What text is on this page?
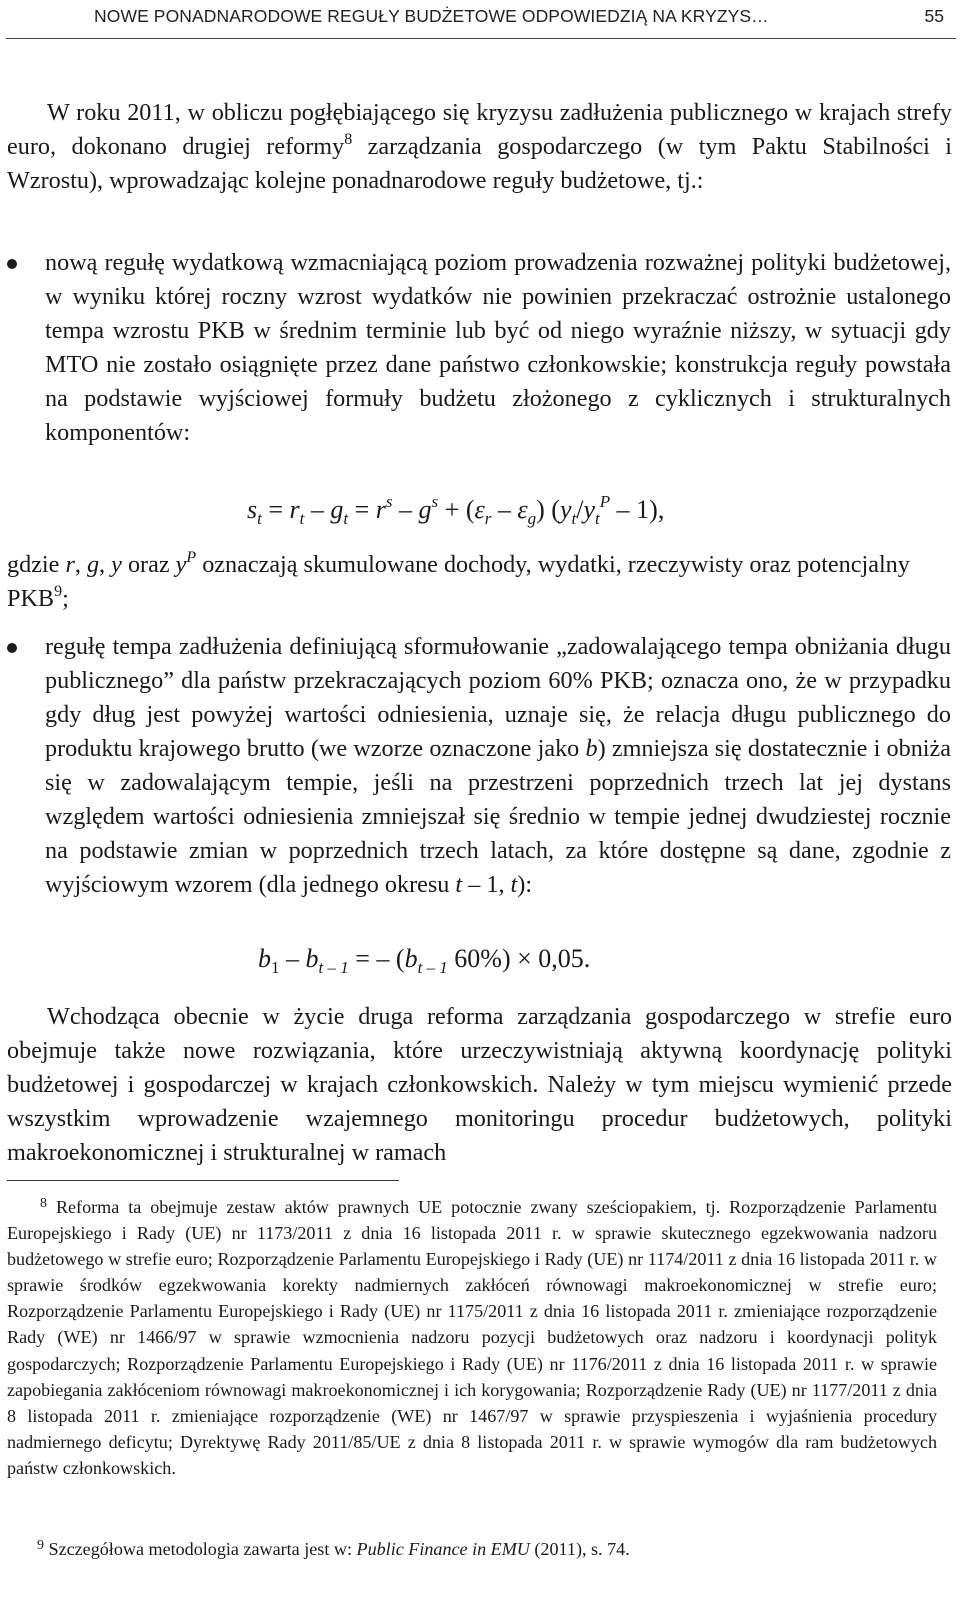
NOWE PONADNARODOWE REGUŁY BUDŻETOWE ODPOWIEDZIĄ NA KRYZYS…	55
W roku 2011, w obliczu pogłębiającego się kryzysu zadłużenia publicznego w krajach strefy euro, dokonano drugiej reformy$^8$ zarządzania gospodarczego (w tym Paktu Stabilności i Wzrostu), wprowadzając kolejne ponadnarodowe reguły budżetowe, tj.:
nową regułę wydatkową wzmacniającą poziom prowadzenia rozważnej polityki budżetowej, w wyniku której roczny wzrost wydatków nie powinien przekraczać ostrożnie ustalonego tempa wzrostu PKB w średnim terminie lub być od niego wyraźnie niższy, w sytuacji gdy MTO nie zostało osiągnięte przez dane państwo członkowskie; konstrukcja reguły powstała na podstawie wyjściowej formuły budżetu złożonego z cyklicznych i strukturalnych komponentów:
$s_t = r_t - g_t = r^s - g^s + (\varepsilon_r - \varepsilon_g)$ $(y_t/y_t^P - 1)$,
gdzie r, g, y oraz $y^P$ oznaczają skumulowane dochody, wydatki, rzeczywisty oraz potencjalny PKB$^9$;
regułę tempa zadłużenia definiującą sformułowanie „zadowalającego tempa obniżania długu publicznego” dla państw przekraczających poziom 60% PKB; oznacza ono, że w przypadku gdy dług jest powyżej wartości odniesienia, uznaje się, że relacja długu publicznego do produktu krajowego brutto (we wzorze oznaczone jako b) zmniejsza się dostatecznie i obniża się w zadowalającym tempie, jeśli na przestrzeni poprzednich trzech lat jej dystans względem wartości odniesienia zmniejszał się średnio w tempie jednej dwudziestej rocznie na podstawie zmian w poprzednich trzech latach, za które dostępne są dane, zgodnie z wyjściowym wzorem (dla jednego okresu t – 1, t):
$b_1 - b_{t - 1}$ = – ($b_{t - 1}$ 60%) × 0,05.
Wchodząca obecnie w życie druga reforma zarządzania gospodarczego w strefie euro obejmuje także nowe rozwiązania, które urzeczywistniają aktywną koordynację polityki budżetowej i gospodarczej w krajach członkowskich. Należy w tym miejscu wymienić przede wszystkim wprowadzenie wzajemnego monitoringu procedur budżetowych, polityki makroekonomicznej i strukturalnej w ramach
$^8$ Reforma ta obejmuje zestaw aktów prawnych UE potocznie zwany sześciopakiem, tj. Rozporządzenie Parlamentu Europejskiego i Rady (UE) nr 1173/2011 z dnia 16 listopada 2011 r. w sprawie skutecznego egzekwowania nadzoru budżetowego w strefie euro; Rozporządzenie Parlamentu Europejskiego i Rady (UE) nr 1174/2011 z dnia 16 listopada 2011 r. w sprawie środków egzekwowania korekty nadmiernych zakłóceń równowagi makroekonomicznej w strefie euro; Rozporządzenie Parlamentu Europejskiego i Rady (UE) nr 1175/2011 z dnia 16 listopada 2011 r. zmieniające rozporządzenie Rady (WE) nr 1466/97 w sprawie wzmocnienia nadzoru pozycji budżetowych oraz nadzoru i koordynacji polityk gospodarczych; Rozporządzenie Parlamentu Europejskiego i Rady (UE) nr 1176/2011 z dnia 16 listopada 2011 r. w sprawie zapobiegania zakłóceniom równowagi makroekonomicznej i ich korygowania; Rozporządzenie Rady (UE) nr 1177/2011 z dnia 8 listopada 2011 r. zmieniające rozporządzenie (WE) nr 1467/97 w sprawie przyspieszenia i wyjaśnienia procedury nadmiernego deficytu; Dyrektywę Rady 2011/85/UE z dnia 8 listopada 2011 r. w sprawie wymogów dla ram budżetowych państw członkowskich.
$^9$ Szczegółowa metodologia zawarta jest w: Public Finance in EMU (2011), s. 74.
